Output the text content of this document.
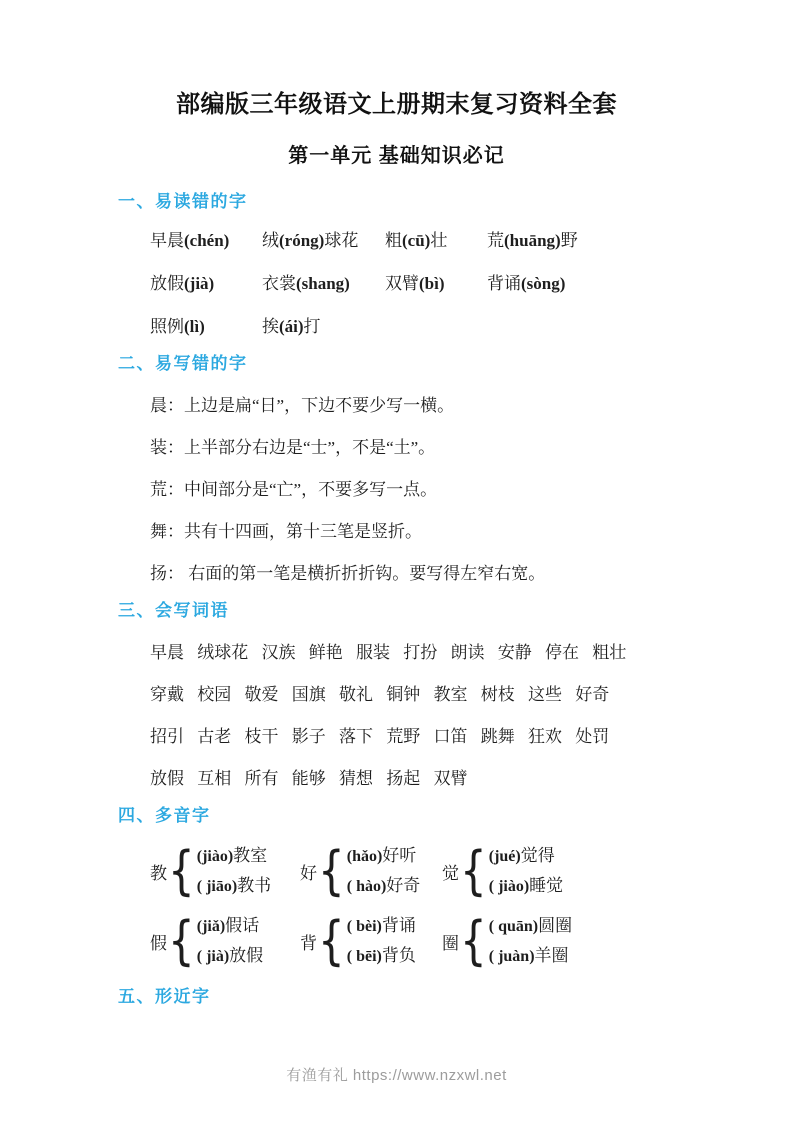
部编版三年级语文上册期末复习资料全套
第一单元 基础知识必记
一、易读错的字
早晨(chén)	绒(róng)球花	粗(cū)壮	荒(huāng)野
放假(jià)	衣裳(shang)	双臂(bì)	背诵(sòng)
照例(lì)	挨(ái)打
二、易写错的字

晨：上边是扁“日”，下边不要少写一横。

装：上半部分右边是“士”，不是“土”。

荒：中间部分是“亡”，不要多写一点。

舞：共有十四画，第十三笔是竖折。

扬： 右面的第一笔是横折折折钩。要写得左窄右宽。

三、会写词语

早晨 绒球花 汉族 鲜艳 服装 打扮 朗读 安静 停在 粗壮

穿戴 校园 敬爱 国旗 敬礼 铜钟 教室 树枝 这些 好奇

招引 古老 枝干 影子 落下 荒野 口笛 跳舞 狂欢 处罚

放假 互相 所有 能够 猜想 扬起 双臂

四、多音字
教 { (jiào)教室
( jiāo)教书
好 { (hǎo)好听
( hào)好奇
觉 { (jué)觉得
( jiào)睡觉
假 { (jiǎ)假话
( jià)放假
背 { ( bèi)背诵
( bēi)背负
圈 { ( quān)圆圈
( juàn)羊圈
五、形近字
有渔有礼 https://www.nzxwl.net
